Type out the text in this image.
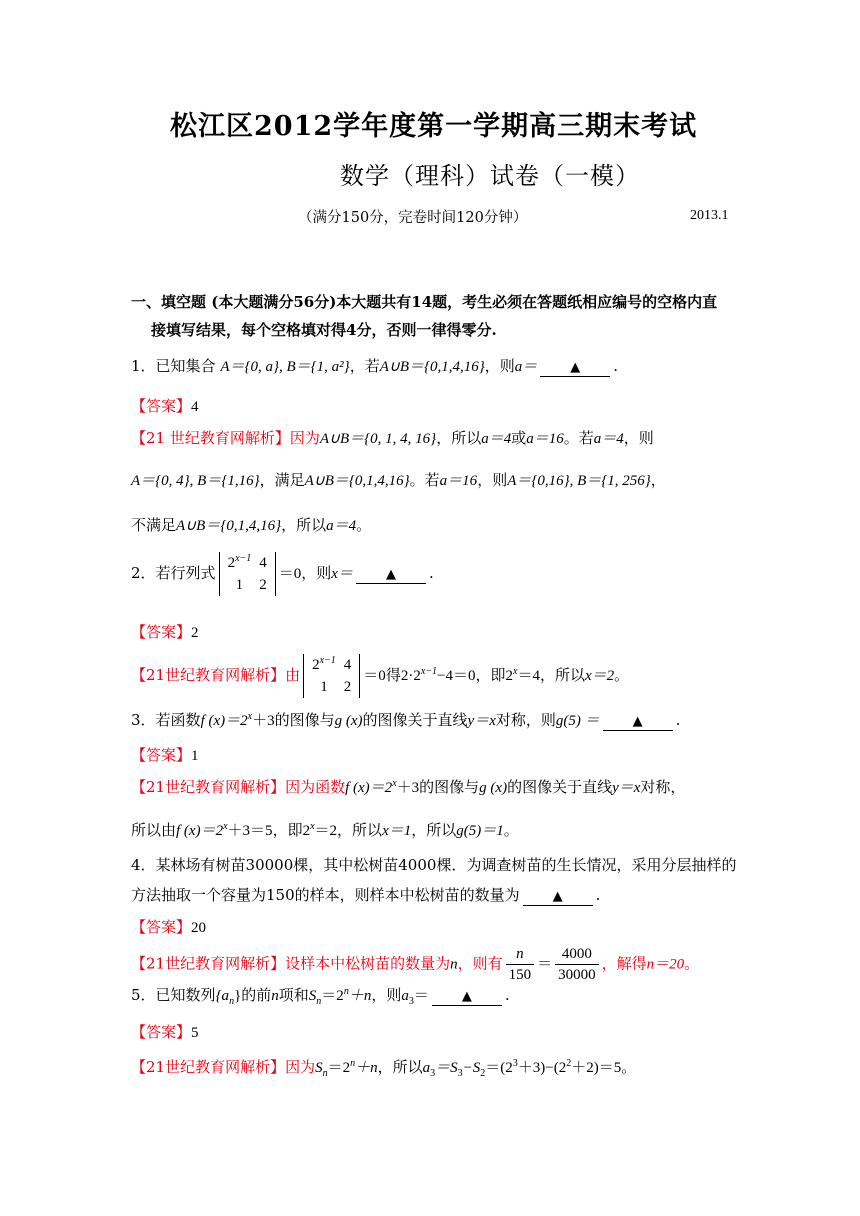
松江区2012学年度第一学期高三期末考试
数学（理科）试卷（一模）
（满分150分，完卷时间120分钟）	2013.1
一、填空题 (本大题满分56分)本大题共有14题，考生必须在答题纸相应编号的空格内直
接填写结果，每个空格填对得4分，否则一律得零分.
1．已知集合 A＝{0, a}, B＝{1, a²}，若A∪B＝{0,1,4,16}，则a＝	▲ .
【答案】4
【21 世纪教育网解析】因为A∪B＝{0, 1, 4, 16}，所以a＝4或a＝16。若a＝4，则
A＝{0, 4}, B＝{1,16}，满足A∪B＝{0,1,4,16}。若a＝16，则A＝{0,16}, B＝{1, 256}，
不满足A∪B＝{0,1,4,16}，所以a＝4。
2．若行列式
$2^{x-1}$	4
1	2
＝0，则x＝	▲ .
【答案】2
【21世纪教育网解析】由
$2^{x-1}$	4
1	2
＝0得$2\cdot 2^{x-1}-4=0$，即$2^x=4$，所以x＝2。
3．若函数f $(x)=2^x+3$的图像与g (x)的图像关于直线y＝x对称，则g(5) ＝	▲ .
【答案】1
【21世纪教育网解析】因为函数f $(x)=2^x+3$的图像与g (x)的图像关于直线y＝x对称，
所以由f $(x)=2^x+3=5$，即$2^x=2$，所以x＝1，所以g(5)＝1。
4．某林场有树苗30000棵，其中松树苗4000棵．为调查树苗的生长情况，采用分层抽样的
方法抽取一个容量为150的样本，则样本中松树苗的数量为	▲ .
【答案】20
【21世纪教育网解析】设样本中松树苗的数量为n，则有 $\frac{n}{150} = \frac{4000}{30000}$ ，解得n＝20。
5．已知数列$\{a_n\}$的前n项和$S_n=2^n+n$，则$a_3=$	▲ .
【答案】5
【21世纪教育网解析】因为$S_n=2^n+n$，所以$a_3=S_3-S_2=(2^3+3)-(2^2+2)=5$。
